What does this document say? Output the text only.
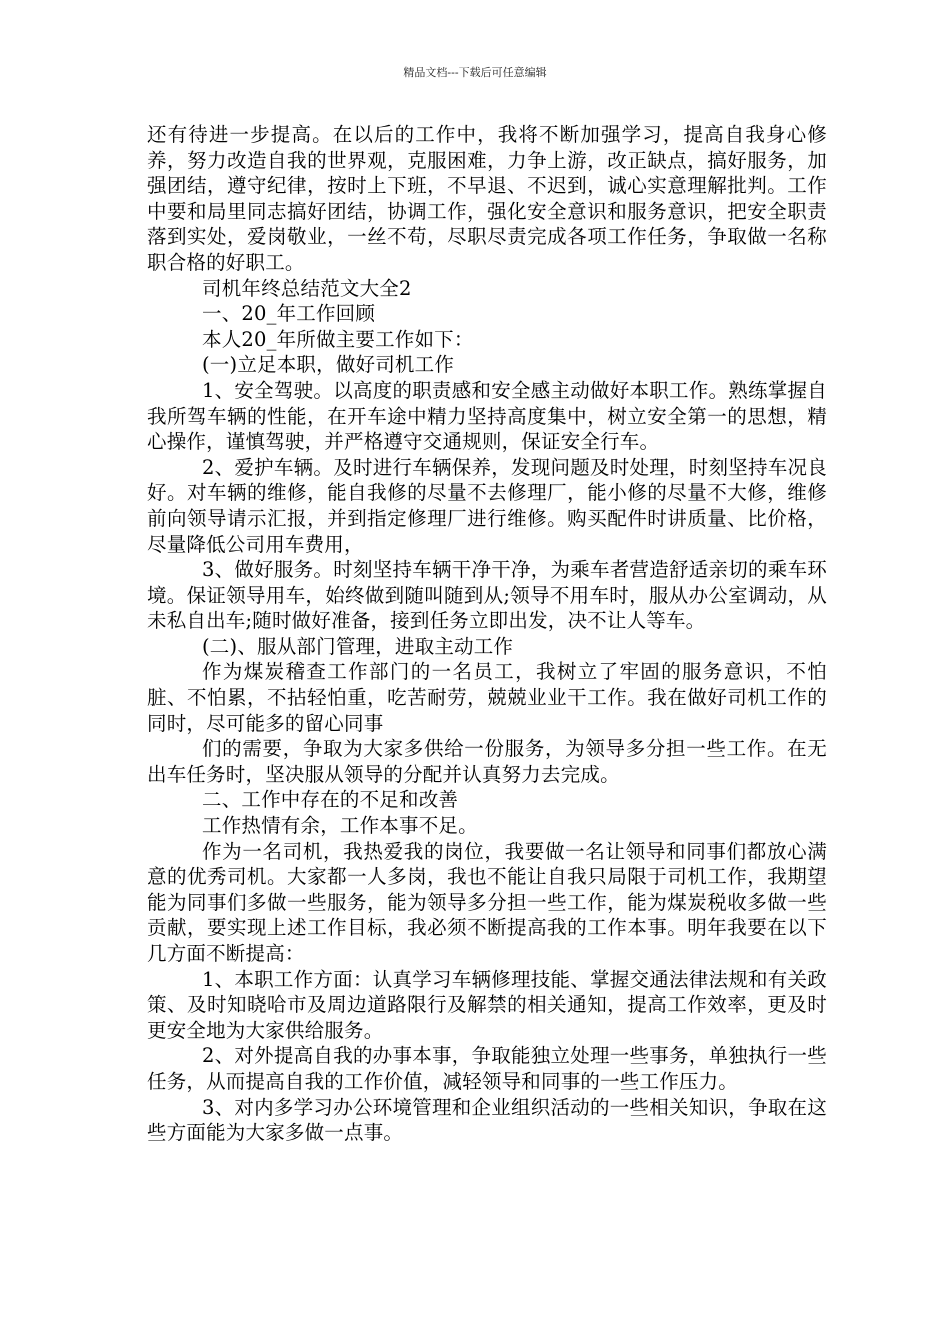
精品文档---下载后可任意编辑

还有待进一步提高。在以后的工作中，我将不断加强学习，提高自我身心修养，努力改造自我的世界观，克服困难，力争上游，改正缺点，搞好服务，加强团结，遵守纪律，按时上下班，不早退、不迟到，诚心实意理解批判。工作中要和局里同志搞好团结，协调工作，强化安全意识和服务意识，把安全职责落到实处，爱岗敬业，一丝不苟，尽职尽责完成各项工作任务，争取做一名称职合格的好职工。

司机年终总结范文大全2

一、20_年工作回顾

本人20_年所做主要工作如下：

(一)立足本职，做好司机工作

1、安全驾驶。以高度的职责感和安全感主动做好本职工作。熟练掌握自我所驾车辆的性能，在开车途中精力坚持高度集中，树立安全第一的思想，精心操作，谨慎驾驶，并严格遵守交通规则，保证安全行车。

2、爱护车辆。及时进行车辆保养，发现问题及时处理，时刻坚持车况良好。对车辆的维修，能自我修的尽量不去修理厂，能小修的尽量不大修，维修前向领导请示汇报，并到指定修理厂进行维修。购买配件时讲质量、比价格，尽量降低公司用车费用，

3、做好服务。时刻坚持车辆干净干净，为乘车者营造舒适亲切的乘车环境。保证领导用车，始终做到随叫随到从;领导不用车时，服从办公室调动，从未私自出车;随时做好准备，接到任务立即出发，决不让人等车。

(二)、服从部门管理，进取主动工作

作为煤炭稽查工作部门的一名员工，我树立了牢固的服务意识，不怕脏、不怕累，不拈轻怕重，吃苦耐劳，兢兢业业干工作。我在做好司机工作的同时，尽可能多的留心同事

们的需要，争取为大家多供给一份服务，为领导多分担一些工作。在无出车任务时，坚决服从领导的分配并认真努力去完成。

二、工作中存在的不足和改善

工作热情有余，工作本事不足。

作为一名司机，我热爱我的岗位，我要做一名让领导和同事们都放心满意的优秀司机。大家都一人多岗，我也不能让自我只局限于司机工作，我期望能为同事们多做一些服务，能为领导多分担一些工作，能为煤炭税收多做一些贡献，要实现上述工作目标，我必须不断提高我的工作本事。明年我要在以下几方面不断提高：

1、本职工作方面：认真学习车辆修理技能、掌握交通法律法规和有关政策、及时知晓哈市及周边道路限行及解禁的相关通知，提高工作效率，更及时更安全地为大家供给服务。

2、对外提高自我的办事本事，争取能独立处理一些事务，单独执行一些任务，从而提高自我的工作价值，减轻领导和同事的一些工作压力。

3、对内多学习办公环境管理和企业组织活动的一些相关知识，争取在这些方面能为大家多做一点事。
